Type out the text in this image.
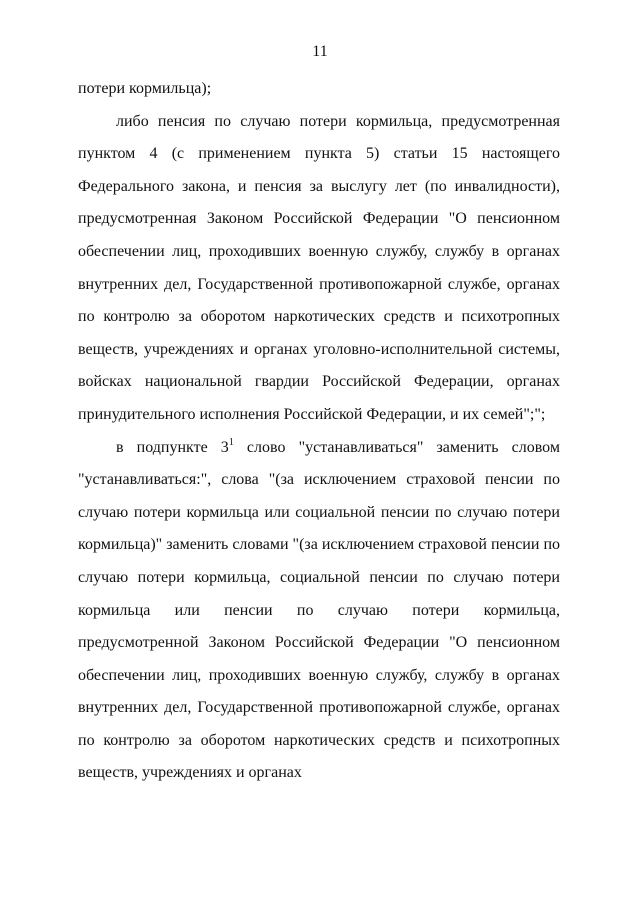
11

потери кормильца);

либо пенсия по случаю потери кормильца, предусмотренная пунктом 4 (с применением пункта 5) статьи 15 настоящего Федерального закона, и пенсия за выслугу лет (по инвалидности), предусмотренная Законом Российской Федерации "О пенсионном обеспечении лиц, проходивших военную службу, службу в органах внутренних дел, Государственной противопожарной службе, органах по контролю за оборотом наркотических средств и психотропных веществ, учреждениях и органах уголовно-исполнительной системы, войсках национальной гвардии Российской Федерации, органах принудительного исполнения Российской Федерации, и их семей";";

в подпункте $3^1$ слово "устанавливаться" заменить словом "устанавливаться:", слова "(за исключением страховой пенсии по случаю потери кормильца или социальной пенсии по случаю потери кормильца)" заменить словами "(за исключением страховой пенсии по случаю потери кормильца, социальной пенсии по случаю потери кормильца или пенсии по случаю потери кормильца, предусмотренной Законом Российской Федерации "О пенсионном обеспечении лиц, проходивших военную службу, службу в органах внутренних дел, Государственной противопожарной службе, органах по контролю за оборотом наркотических средств и психотропных веществ, учреждениях и органах
